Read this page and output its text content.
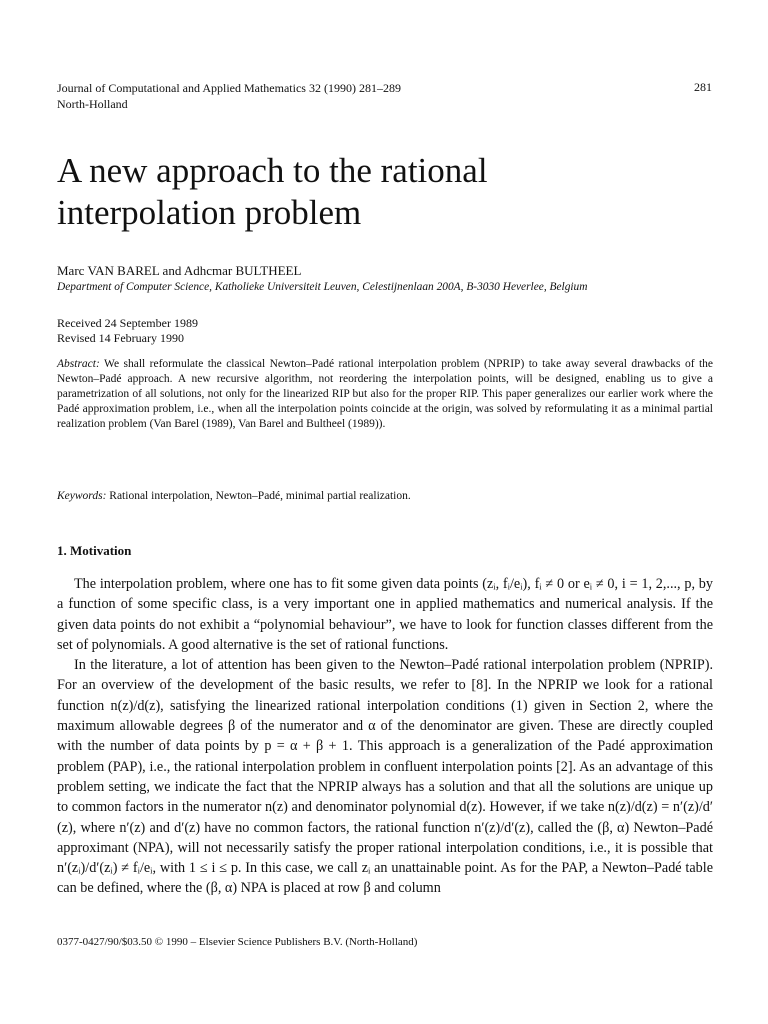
Journal of Computational and Applied Mathematics 32 (1990) 281–289
North-Holland
281
A new approach to the rational
interpolation problem
Marc VAN BAREL and Adhcmar BULTHEEL
Department of Computer Science, Katholieke Universiteit Leuven, Celestijnenlaan 200A, B-3030 Heverlee, Belgium
Received 24 September 1989
Revised 14 February 1990

Abstract: We shall reformulate the classical Newton–Padé rational interpolation problem (NPRIP) to take away several drawbacks of the Newton–Padé approach. A new recursive algorithm, not reordering the interpolation points, will be designed, enabling us to give a parametrization of all solutions, not only for the linearized RIP but also for the proper RIP. This paper generalizes our earlier work where the Padé approximation problem, i.e., when all the interpolation points coincide at the origin, was solved by reformulating it as a minimal partial realization problem (Van Barel (1989), Van Barel and Bultheel (1989)).

Keywords: Rational interpolation, Newton–Padé, minimal partial realization.
1. Motivation

The interpolation problem, where one has to fit some given data points (zᵢ, fᵢ/eᵢ), fᵢ ≠ 0 or eᵢ ≠ 0, i = 1, 2,..., p, by a function of some specific class, is a very important one in applied mathematics and numerical analysis. If the given data points do not exhibit a “polynomial behaviour”, we have to look for function classes different from the set of polynomials. A good alternative is the set of rational functions.

In the literature, a lot of attention has been given to the Newton–Padé rational interpolation problem (NPRIP). For an overview of the development of the basic results, we refer to [8]. In the NPRIP we look for a rational function n(z)/d(z), satisfying the linearized rational interpolation conditions (1) given in Section 2, where the maximum allowable degrees β of the numerator and α of the denominator are given. These are directly coupled with the number of data points by p = α + β + 1. This approach is a generalization of the Padé approximation problem (PAP), i.e., the rational interpolation problem in confluent interpolation points [2]. As an advantage of this problem setting, we indicate the fact that the NPRIP always has a solution and that all the solutions are unique up to common factors in the numerator n(z) and denominator polynomial d(z). However, if we take n(z)/d(z) = n′(z)/d′(z), where n′(z) and d′(z) have no common factors, the rational function n′(z)/d′(z), called the (β, α) Newton–Padé approximant (NPA), will not necessarily satisfy the proper rational interpolation conditions, i.e., it is possible that n′(zᵢ)/d′(zᵢ) ≠ fᵢ/eᵢ, with 1 ≤ i ≤ p. In this case, we call zᵢ an unattainable point. As for the PAP, a Newton–Padé table can be defined, where the (β, α) NPA is placed at row β and column

0377-0427/90/$03.50 © 1990 – Elsevier Science Publishers B.V. (North-Holland)
